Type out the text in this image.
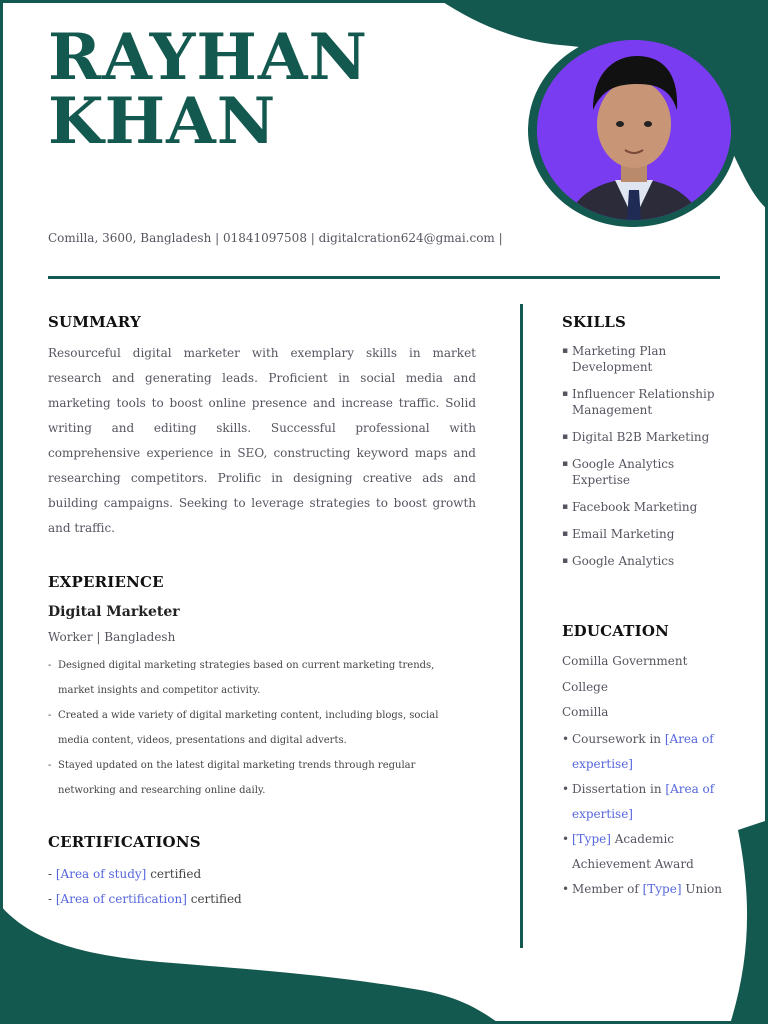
RAYHAN
KHAN
Comilla, 3600, Bangladesh | 01841097508 | digitalcration624@gmai.com |
SUMMARY
Resourceful digital marketer with exemplary skills in market research and generating leads. Proficient in social media and marketing tools to boost online presence and increase traffic. Solid writing and editing skills. Successful professional with comprehensive experience in SEO, constructing keyword maps and researching competitors. Prolific in designing creative ads and building campaigns. Seeking to leverage strategies to boost growth and traffic.
EXPERIENCE
Digital Marketer
Worker | Bangladesh
- Designed digital marketing strategies based on current marketing trends, market insights and competitor activity.
- Created a wide variety of digital marketing content, including blogs, social media content, videos, presentations and digital adverts.
- Stayed updated on the latest digital marketing trends through regular networking and researching online daily.
CERTIFICATIONS
- [Area of study] certified
- [Area of certification] certified
SKILLS
▪ Marketing Plan Development
▪ Influencer Relationship Management
▪ Digital B2B Marketing
▪ Google Analytics Expertise
▪ Facebook Marketing
▪ Email Marketing
▪ Google Analytics
EDUCATION
Comilla Government
College
Comilla
• Coursework in [Area of expertise]
• Dissertation in [Area of expertise]
• [Type] Academic Achievement Award
• Member of [Type] Union
